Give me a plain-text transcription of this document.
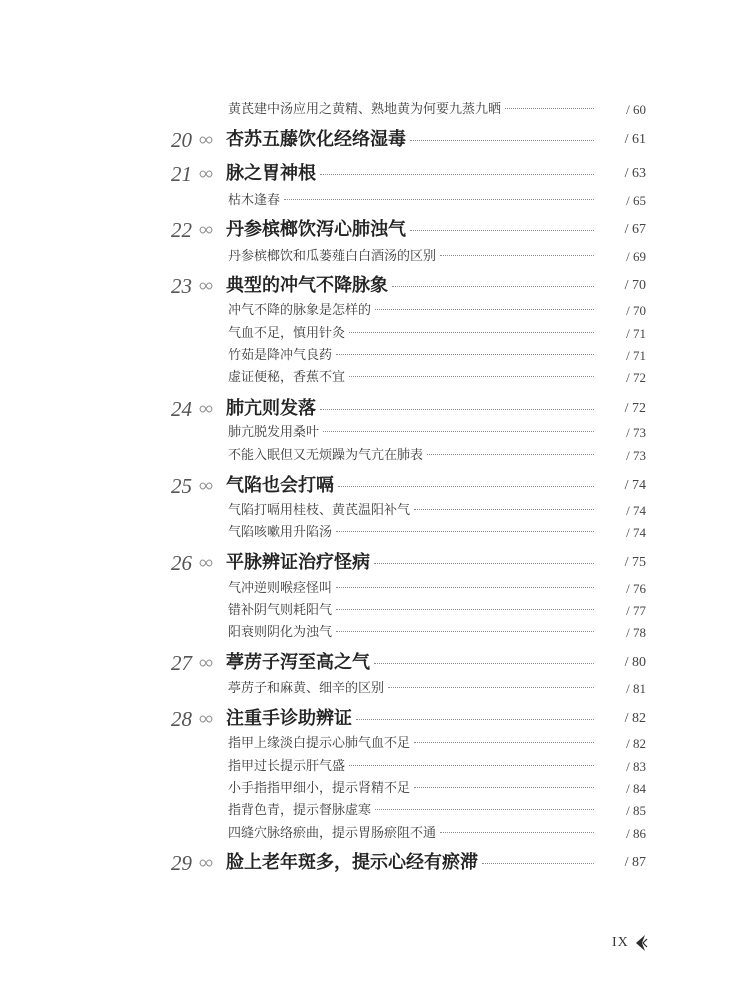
黄芪建中汤应用之黄精、熟地黄为何要九蒸九晒	/ 60
20 杏苏五藤饮化经络湿毒	/ 61
21 脉之胃神根	/ 63
枯木逢春	/ 65
22 丹参槟榔饮泻心肺浊气	/ 67
丹参槟榔饮和瓜蒌薤白白酒汤的区别	/ 69
23 典型的冲气不降脉象	/ 70
冲气不降的脉象是怎样的	/ 70
气血不足，慎用针灸	/ 71
竹茹是降冲气良药	/ 71
虚证便秘，香蕉不宜	/ 72
24 肺亢则发落	/ 72
肺亢脱发用桑叶	/ 73
不能入眠但又无烦躁为气亢在肺表	/ 73
25 气陷也会打嗝	/ 74
气陷打嗝用桂枝、黄芪温阳补气	/ 74
气陷咳嗽用升陷汤	/ 74
26 平脉辨证治疗怪病	/ 75
气冲逆则喉痉怪叫	/ 76
错补阴气则耗阳气	/ 77
阳衰则阴化为浊气	/ 78
27 葶苈子泻至高之气	/ 80
葶苈子和麻黄、细辛的区别	/ 81
28 注重手诊助辨证	/ 82
指甲上缘淡白提示心肺气血不足	/ 82
指甲过长提示肝气盛	/ 83
小手指指甲细小，提示肾精不足	/ 84
指背色青，提示督脉虚寒	/ 85
四缝穴脉络瘀曲，提示胃肠瘀阻不通	/ 86
29 脸上老年斑多，提示心经有瘀滞	/ 87
IX
